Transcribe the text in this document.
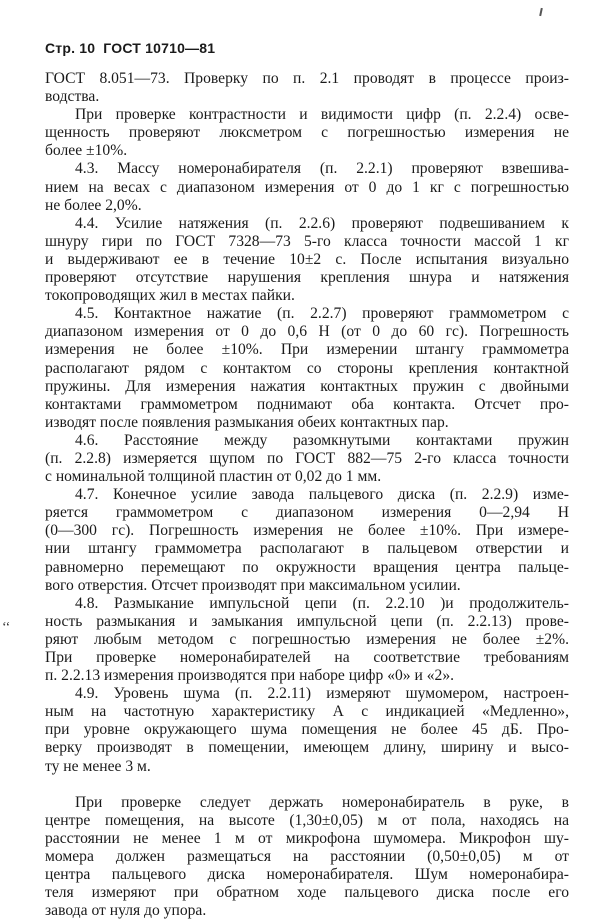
‘‘
Стр. 10 ГОСТ 10710—81
ГОСТ 8.051—73. Проверку по п. 2.1 проводят в процессе произ-
водства.
При проверке контрастности и видимости цифр (п. 2.2.4) осве-
щенность проверяют люксметром с погрешностью измерения не
более ±10%.
4.3. Массу номеронабирателя (п. 2.2.1) проверяют взвешива-
нием на весах с диапазоном измерения от 0 до 1 кг с погрешностью
не более 2,0%.
4.4. Усилие натяжения (п. 2.2.6) проверяют подвешиванием к
шнуру гири по ГОСТ 7328—73 5-го класса точности массой 1 кг
и выдерживают ее в течение 10±2 с. После испытания визуально
проверяют отсутствие нарушения крепления шнура и натяжения
токопроводящих жил в местах пайки.
4.5. Контактное нажатие (п. 2.2.7) проверяют граммометром с
диапазоном измерения от 0 до 0,6 Н (от 0 до 60 гс). Погрешность
измерения не более ±10%. При измерении штангу граммометра
располагают рядом с контактом со стороны крепления контактной
пружины. Для измерения нажатия контактных пружин с двойными
контактами граммометром поднимают оба контакта. Отсчет про-
изводят после появления размыкания обеих контактных пар.
4.6. Расстояние между разомкнутыми контактами пружин
(п. 2.2.8) измеряется щупом по ГОСТ 882—75 2-го класса точности
с номинальной толщиной пластин от 0,02 до 1 мм.
4.7. Конечное усилие завода пальцевого диска (п. 2.2.9) изме-
ряется граммометром с диапазоном измерения 0—2,94 Н
(0—300 гс). Погрешность измерения не более ±10%. При измере-
нии штангу граммометра располагают в пальцевом отверстии и
равномерно перемещают по окружности вращения центра пальце-
вого отверстия. Отсчет производят при максимальном усилии.
4.8. Размыкание импульсной цепи (п. 2.2.10 )и продолжитель-
ность размыкания и замыкания импульсной цепи (п. 2.2.13) прове-
ряют любым методом с погрешностью измерения не более ±2%.
При проверке номеронабирателей на соответствие требованиям
п. 2.2.13 измерения производятся при наборе цифр «0» и «2».
4.9. Уровень шума (п. 2.2.11) измеряют шумомером, настроен-
ным на частотную характеристику А с индикацией «Медленно»,
при уровне окружающего шума помещения не более 45 дБ. Про-
верку производят в помещении, имеющем длину, ширину и высо-
ту не менее 3 м.
При проверке следует держать номеронабиратель в руке, в
центре помещения, на высоте (1,30±0,05) м от пола, находясь на
расстоянии не менее 1 м от микрофона шумомера. Микрофон шу-
момера должен размещаться на расстоянии (0,50±0,05) м от
центра пальцевого диска номеронабирателя. Шум номеронабира-
теля измеряют при обратном ходе пальцевого диска после его
завода от нуля до упора.
